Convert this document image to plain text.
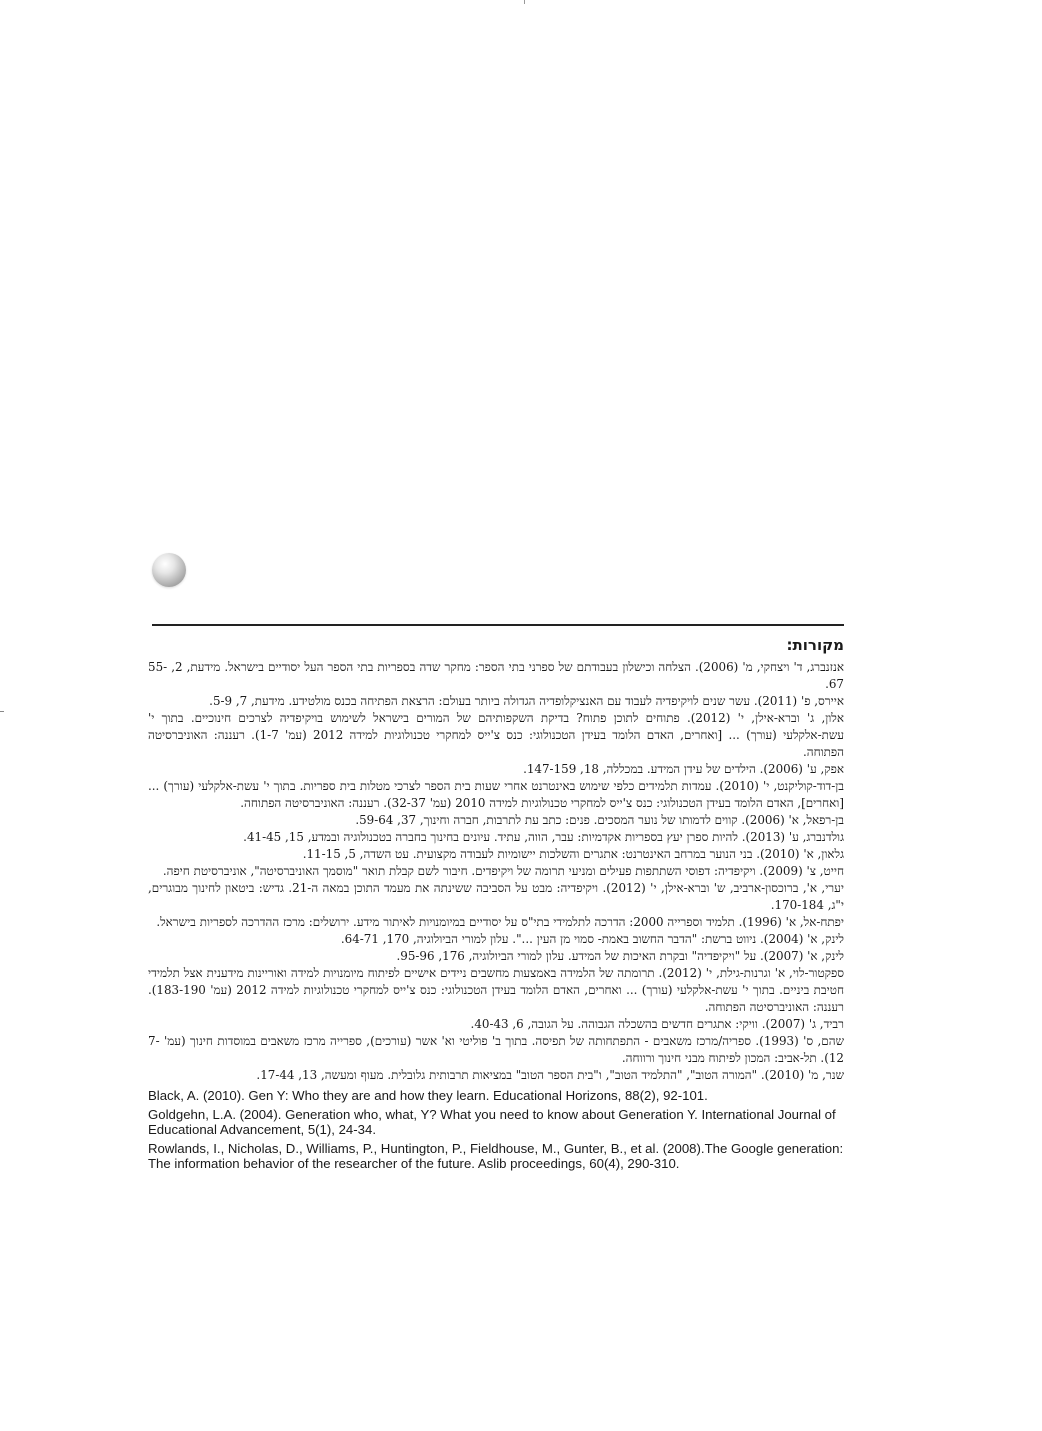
מקורות:

אנזנברג, ד' ויצחקי, מ' (2006). הצלחה וכישלון בעבודתם של ספרני בתי הספר: מחקר שדה בספריות בתי הספר העל יסודיים בישראל. מידעת, 2, 55-67.

איירס, פ' (2011). עשר שנים לויקיפדיה לעבוד עם האנציקלופדיה הגדולה ביותר בעולם: הרצאת הפתיחה בכנס מולטידע. מידעת, 7, 5-9.

אלון, ג' וברא-אילן, י' (2012). פתוחים לתוכן פתוח? בדיקת השקפותיהם של המורים בישראל לשימוש בויקיפדיה לצרכים חינוכיים. בתוך י' עשת-אלקלעי (עורך) ... [ואחרים, האדם הלומד בעידן הטכנולוגי: כנס צ'ייס למחקרי טכנולוגיות למידה 2012 (עמ' 1-7). רעננה: האוניברסיטה הפתוחה.

אפק, ע' (2006). הילדים של עידן המידע. במכללה, 18, 147-159.

בן-דוד-קוליקנט, י' (2010). עמדות תלמידים כלפי שימוש באינטרנט אחרי שעות בית הספר לצרכי מטלות בית ספריות. בתוך י' עשת-אלקלעי (עורך) ... [ואחרים], האדם הלומד בעידן הטכנולוגי: כנס צ'ייס למחקרי טכנולוגיות למידה 2010 (עמ' 32-37). רעננה: האוניברסיטה הפתוחה.

בן-רפאל, א' (2006). קווים לדמותו של נוער המסכים. פנים: כתב עת לתרבות, חברה וחינוך, 37, 59-64.

גולדנברג, ע' (2013). להיות ספרן יעץ בספריות אקדמיות: עבר, הווה, עתיד. עיונים בחינוך בחברה בטכנולוגיה ובמדע, 15, 41-45.

גלאון, א' (2010). בני הנוער במרחב האינטרנט: אתגרים והשלכות יישומיות לעבודה מקצועית. עט השדה, 5, 11-15.

חייט, צ' (2009). ויקיפדיה: דפוסי השתתפות פעילים ומניעי תרומה של ויקיפדים. חיבור לשם קבלת תואר "מוסמך האוניברסיטה", אוניברסיטת חיפה.

יערי, א', ברוכסון-ארביב, ש' וברא-אילן, י' (2012). ויקיפדיה: מבט על הסביבה ששינתה את מעמד התוכן במאה ה-21. גדיש: ביטאון לחינוך מבוגרים, י"ג, 170-184.

יפתח-אל, א' (1996). תלמיד וספרייה 2000: הדרכה לתלמידי בתי"ס על יסודיים במיומנויות לאיתור מידע. ירושלים: מרכז ההדרכה לספריות בישראל.

לינק, א' (2004). ניווט ברשת: "הדבר החשוב באמת- סמוי מן העין ...". עלון למורי הביולוגיה, 170, 64-71.

לינק, א' (2007). על "ויקיפדיה" ובקרת האיכות של המידע. עלון למורי הביולוגיה, 176, 95-96.

ספקטור-לוי, א' וגרנות-גילת, י' (2012). תרומתה של הלמידה באמצעות מחשבים ניידים אישיים לפיתוח מיומנויות למידה ואוריינות מידענית אצל תלמידי חטיבת ביניים. בתוך י' עשת-אלקלעי (עורך) ... ואחרים, האדם הלומד בעידן הטכנולוגי: כנס צ'ייס למחקרי טכנולוגיות למידה 2012 (עמ' 183-190). רעננה: האוניברסיטה הפתוחה.

רביד, ג' (2007). וויקי: אתגרים חדשים בהשכלה הגבוהה. על הגובה, 6, 40-43.

שהם, ס' (1993). ספריה/מרכז משאבים - התפתחותה של תפיסה. בתוך ב' פוליטי וא' אשר (עורכים), ספרייה מרכז משאבים במוסדות חינוך (עמ' 7-12). תל-אביב: המכון לפיתוח מבני חינוך ורווחה.

שנר, מ' (2010). "המורה הטוב", "התלמיד הטוב", ו"בית הספר הטוב" במציאות תרבותית גלובלית. מעוף ומעשה, 13, 17-44.

Black, A. (2010). Gen Y: Who they are and how they learn. Educational Horizons, 88(2), 92-101.

Goldgehn, L.A. (2004). Generation who, what, Y? What you need to know about Generation Y. International Journal of Educational Advancement, 5(1), 24-34.

Rowlands, I., Nicholas, D., Williams, P., Huntington, P., Fieldhouse, M., Gunter, B., et al. (2008).The Google generation: The information behavior of the researcher of the future. Aslib proceedings, 60(4), 290-310.
